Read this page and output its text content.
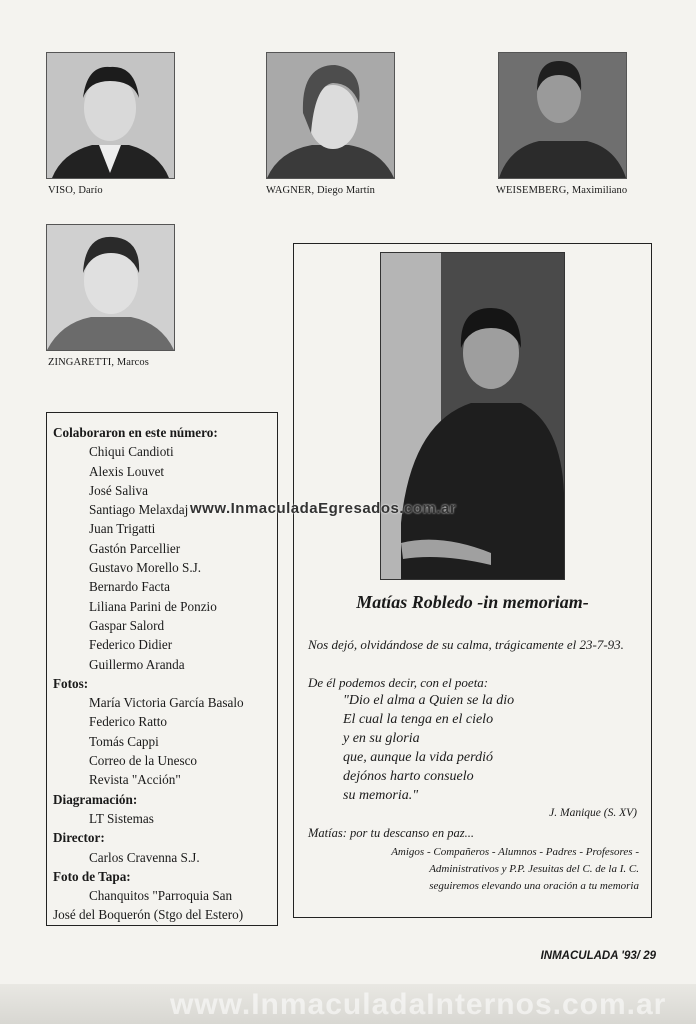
VISO, Darío	WAGNER, Diego Martín	WEISEMBERG, Maximiliano
ZINGARETTI, Marcos
Colaboraron en este número:
Chiqui Candioti
Alexis Louvet
José Saliva
Santiago Melaxdaj
Juan Trigatti
Gastón Parcellier
Gustavo Morello S.J.
Bernardo Facta
Liliana Parini de Ponzio
Gaspar Salord
Federico Didier
Guillermo Aranda
Fotos:
María Victoria García Basalo
Federico Ratto
Tomás Cappi
Correo de la Unesco
Revista "Acción"
Diagramación:
LT Sistemas
Director:
Carlos Cravenna S.J.
Foto de Tapa:
Chanquitos "Parroquia San
José del Boquerón (Stgo del Estero)
Matías Robledo -in memoriam-
Nos dejó, olvidándose de su calma, trágicamente el 23-7-93.
De él podemos decir, con el poeta:
"Dio el alma a Quien se la dio
El cual la tenga en el cielo
y en su gloria
que, aunque la vida perdió
dejónos harto consuelo
su memoria."
J. Manique (S. XV)
Matías: por tu descanso en paz...
Amigos - Compañeros - Alumnos - Padres - Profesores -
Administrativos y P.P. Jesuitas del C. de la I. C.
seguiremos elevando una oración a tu memoria
www.InmaculadaEgresados.com.ar
INMACULADA '93/ 29
www.InmaculadaInternos.com.ar
